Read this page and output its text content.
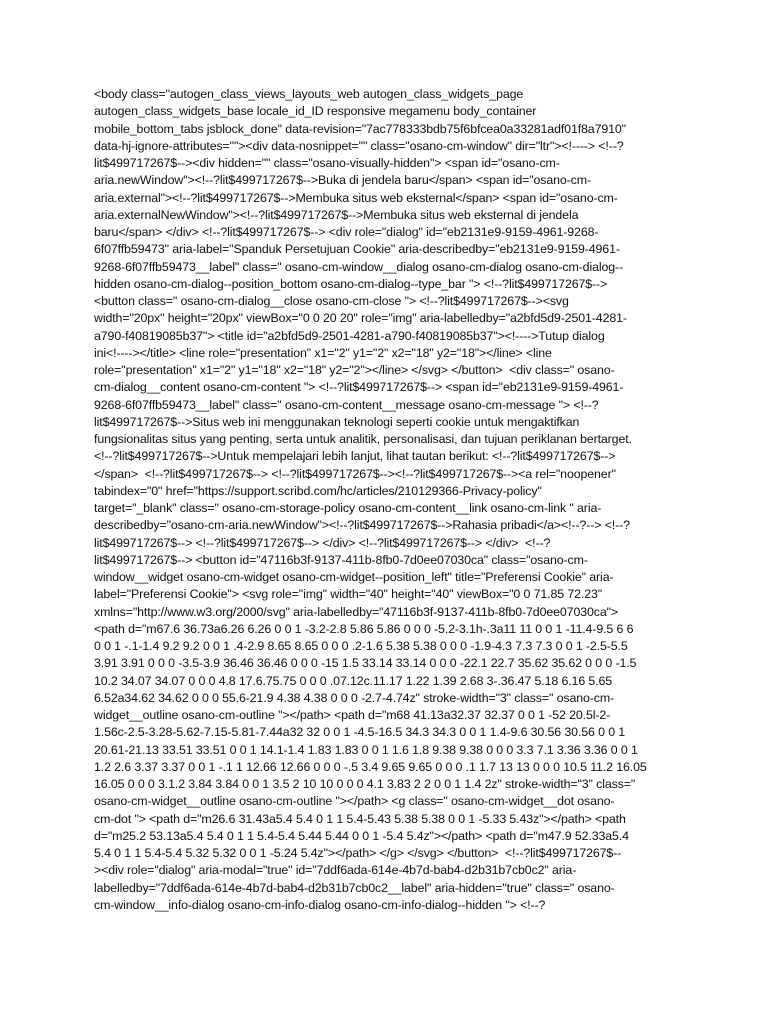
<body class="autogen_class_views_layouts_web autogen_class_widgets_page
autogen_class_widgets_base locale_id_ID responsive megamenu body_container
mobile_bottom_tabs jsblock_done" data-revision="7ac778333bdb75f6bfcea0a33281adf01f8a7910"
data-hj-ignore-attributes=""><div data-nosnippet="" class="osano-cm-window" dir="ltr"><!----> <!--?
lit$499717267$--><div hidden="" class="osano-visually-hidden"> <span id="osano-cm-
aria.newWindow"><!--?lit$499717267$-->Buka di jendela baru</span> <span id="osano-cm-
aria.external"><!--?lit$499717267$-->Membuka situs web eksternal</span> <span id="osano-cm-
aria.externalNewWindow"><!--?lit$499717267$-->Membuka situs web eksternal di jendela
baru</span> </div> <!--?lit$499717267$--> <div role="dialog" id="eb2131e9-9159-4961-9268-
6f07ffb59473" aria-label="Spanduk Persetujuan Cookie" aria-describedby="eb2131e9-9159-4961-
9268-6f07ffb59473__label" class=" osano-cm-window__dialog osano-cm-dialog osano-cm-dialog--
hidden osano-cm-dialog--position_bottom osano-cm-dialog--type_bar "> <!--?lit$499717267$-->
<button class=" osano-cm-dialog__close osano-cm-close "> <!--?lit$499717267$--><svg
width="20px" height="20px" viewBox="0 0 20 20" role="img" aria-labelledby="a2bfd5d9-2501-4281-
a790-f40819085b37"> <title id="a2bfd5d9-2501-4281-a790-f40819085b37"><!---->Tutup dialog
ini<!----></title> <line role="presentation" x1="2" y1="2" x2="18" y2="18"></line> <line
role="presentation" x1="2" y1="18" x2="18" y2="2"></line> </svg> </button>  <div class=" osano-
cm-dialog__content osano-cm-content "> <!--?lit$499717267$--> <span id="eb2131e9-9159-4961-
9268-6f07ffb59473__label" class=" osano-cm-content__message osano-cm-message "> <!--?
lit$499717267$-->Situs web ini menggunakan teknologi seperti cookie untuk mengaktifkan
fungsionalitas situs yang penting, serta untuk analitik, personalisasi, dan tujuan periklanan bertarget.
<!--?lit$499717267$-->Untuk mempelajari lebih lanjut, lihat tautan berikut: <!--?lit$499717267$-->
</span>  <!--?lit$499717267$--> <!--?lit$499717267$--><!--?lit$499717267$--><a rel="noopener"
tabindex="0" href="https://support.scribd.com/hc/articles/210129366-Privacy-policy"
target="_blank" class=" osano-cm-storage-policy osano-cm-content__link osano-cm-link " aria-
describedby="osano-cm-aria.newWindow"><!--?lit$499717267$-->Rahasia pribadi</a><!--?--> <!--?
lit$499717267$--> <!--?lit$499717267$--> </div> <!--?lit$499717267$--> </div>  <!--?
lit$499717267$--> <button id="47116b3f-9137-411b-8fb0-7d0ee07030ca" class="osano-cm-
window__widget osano-cm-widget osano-cm-widget--position_left" title="Preferensi Cookie" aria-
label="Preferensi Cookie"> <svg role="img" width="40" height="40" viewBox="0 0 71.85 72.23"
xmlns="http://www.w3.org/2000/svg" aria-labelledby="47116b3f-9137-411b-8fb0-7d0ee07030ca">
<path d="m67.6 36.73a6.26 6.26 0 0 1 -3.2-2.8 5.86 5.86 0 0 0 -5.2-3.1h-.3a11 11 0 0 1 -11.4-9.5 6 6
0 0 1 -.1-1.4 9.2 9.2 0 0 1 .4-2.9 8.65 8.65 0 0 0 .2-1.6 5.38 5.38 0 0 0 -1.9-4.3 7.3 7.3 0 0 1 -2.5-5.5
3.91 3.91 0 0 0 -3.5-3.9 36.46 36.46 0 0 0 -15 1.5 33.14 33.14 0 0 0 -22.1 22.7 35.62 35.62 0 0 0 -1.5
10.2 34.07 34.07 0 0 0 4.8 17.6.75.75 0 0 0 .07.12c.11.17 1.22 1.39 2.68 3-.36.47 5.18 6.16 5.65
6.52a34.62 34.62 0 0 0 55.6-21.9 4.38 4.38 0 0 0 -2.7-4.74z" stroke-width="3" class=" osano-cm-
widget__outline osano-cm-outline "></path> <path d="m68 41.13a32.37 32.37 0 0 1 -52 20.5l-2-
1.56c-2.5-3.28-5.62-7.15-5.81-7.44a32 32 0 0 1 -4.5-16.5 34.3 34.3 0 0 1 1.4-9.6 30.56 30.56 0 0 1
20.61-21.13 33.51 33.51 0 0 1 14.1-1.4 1.83 1.83 0 0 1 1.6 1.8 9.38 9.38 0 0 0 3.3 7.1 3.36 3.36 0 0 1
1.2 2.6 3.37 3.37 0 0 1 -.1 1 12.66 12.66 0 0 0 -.5 3.4 9.65 9.65 0 0 0 .1 1.7 13 13 0 0 0 10.5 11.2 16.05
16.05 0 0 0 3.1.2 3.84 3.84 0 0 1 3.5 2 10 10 0 0 0 4.1 3.83 2 2 0 0 1 1.4 2z" stroke-width="3" class="
osano-cm-widget__outline osano-cm-outline "></path> <g class=" osano-cm-widget__dot osano-
cm-dot "> <path d="m26.6 31.43a5.4 5.4 0 1 1 5.4-5.43 5.38 5.38 0 0 1 -5.33 5.43z"></path> <path
d="m25.2 53.13a5.4 5.4 0 1 1 5.4-5.4 5.44 5.44 0 0 1 -5.4 5.4z"></path> <path d="m47.9 52.33a5.4
5.4 0 1 1 5.4-5.4 5.32 5.32 0 0 1 -5.24 5.4z"></path> </g> </svg> </button>  <!--?lit$499717267$--
><div role="dialog" aria-modal="true" id="7ddf6ada-614e-4b7d-bab4-d2b31b7cb0c2" aria-
labelledby="7ddf6ada-614e-4b7d-bab4-d2b31b7cb0c2__label" aria-hidden="true" class=" osano-
cm-window__info-dialog osano-cm-info-dialog osano-cm-info-dialog--hidden "> <!--?
